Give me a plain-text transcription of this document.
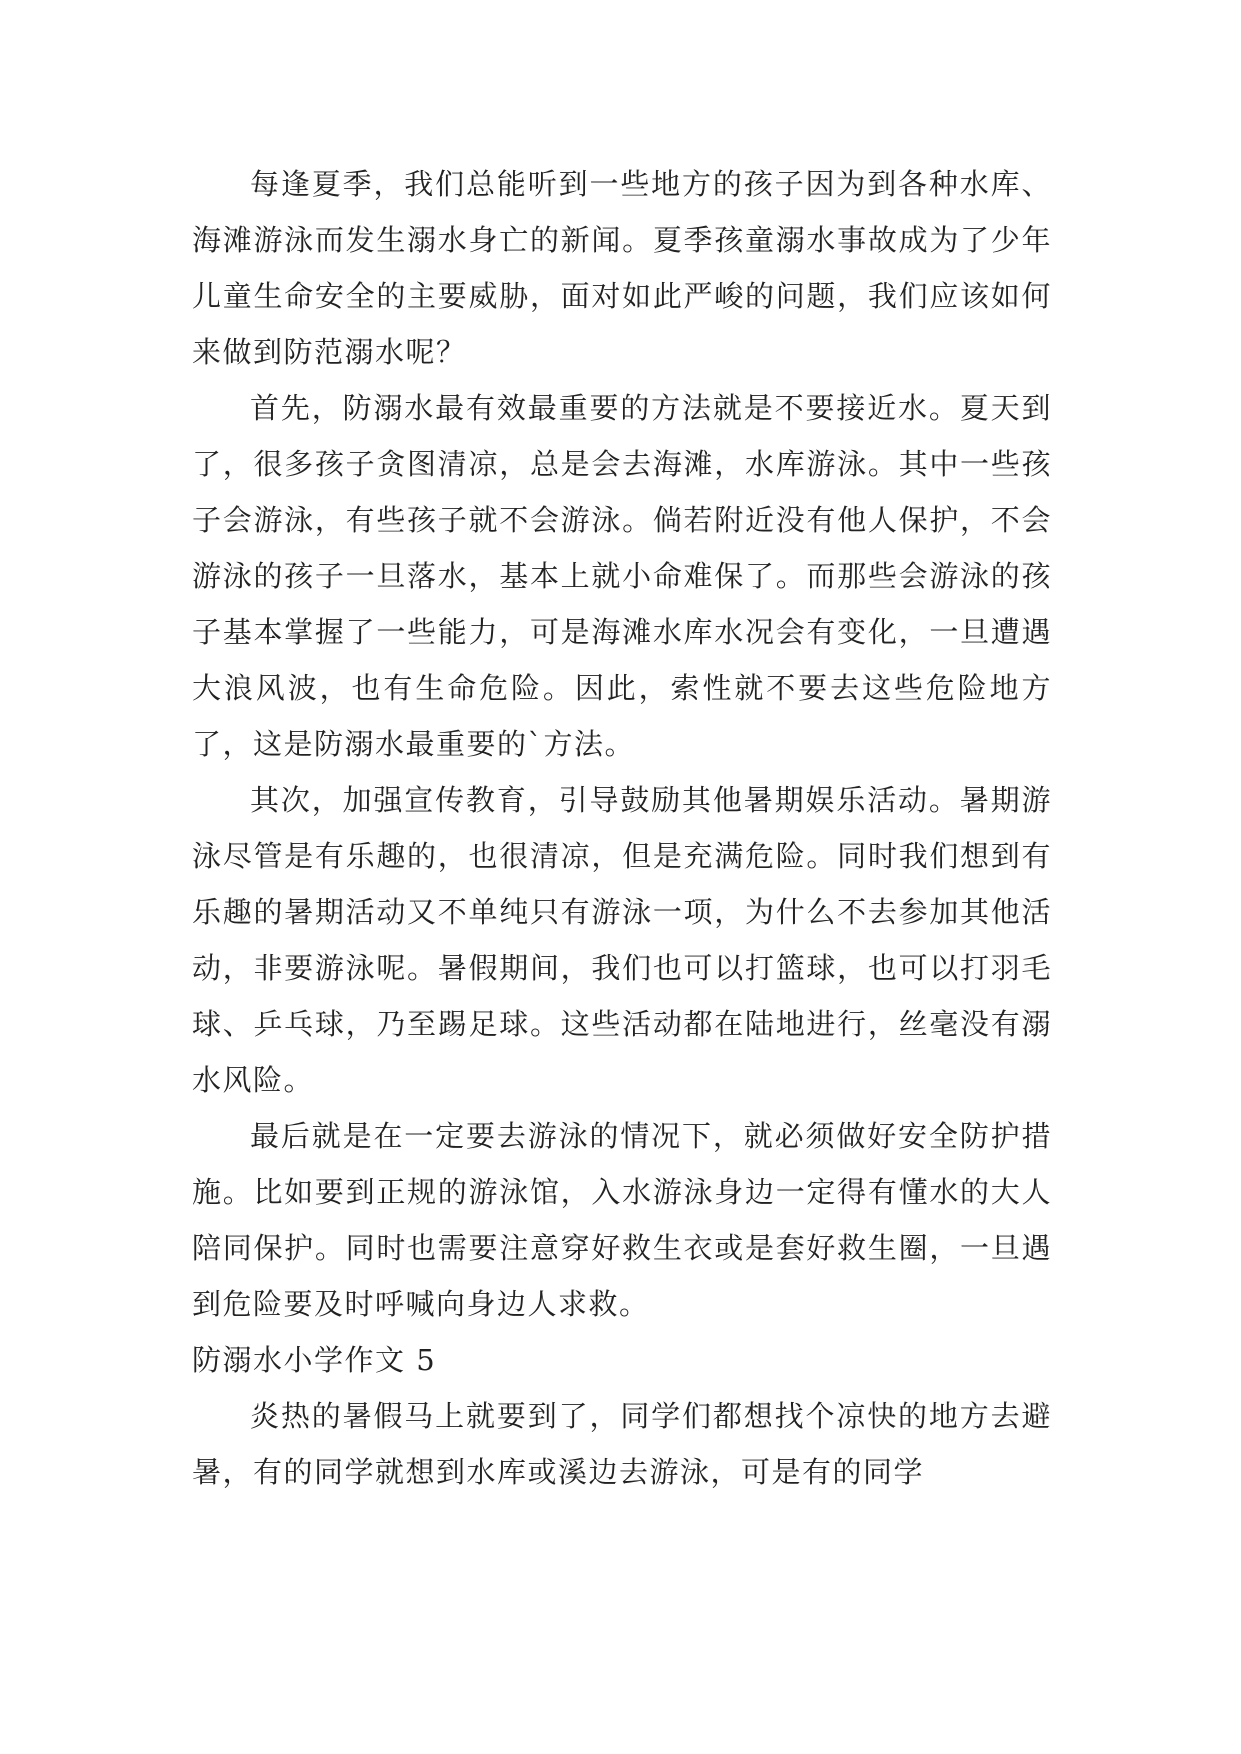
每逢夏季，我们总能听到一些地方的孩子因为到各种水库、海滩游泳而发生溺水身亡的新闻。夏季孩童溺水事故成为了少年儿童生命安全的主要威胁，面对如此严峻的问题，我们应该如何来做到防范溺水呢？

首先，防溺水最有效最重要的方法就是不要接近水。夏天到了，很多孩子贪图清凉，总是会去海滩，水库游泳。其中一些孩子会游泳，有些孩子就不会游泳。倘若附近没有他人保护，不会游泳的孩子一旦落水，基本上就小命难保了。而那些会游泳的孩子基本掌握了一些能力，可是海滩水库水况会有变化，一旦遭遇大浪风波，也有生命危险。因此，索性就不要去这些危险地方了，这是防溺水最重要的`方法。

其次，加强宣传教育，引导鼓励其他暑期娱乐活动。暑期游泳尽管是有乐趣的，也很清凉，但是充满危险。同时我们想到有乐趣的暑期活动又不单纯只有游泳一项，为什么不去参加其他活动，非要游泳呢。暑假期间，我们也可以打篮球，也可以打羽毛球、乒乓球，乃至踢足球。这些活动都在陆地进行，丝毫没有溺水风险。

最后就是在一定要去游泳的情况下，就必须做好安全防护措施。比如要到正规的游泳馆，入水游泳身边一定得有懂水的大人陪同保护。同时也需要注意穿好救生衣或是套好救生圈，一旦遇到危险要及时呼喊向身边人求救。

防溺水小学作文 5

炎热的暑假马上就要到了，同学们都想找个凉快的地方去避暑，有的同学就想到水库或溪边去游泳，可是有的同学
